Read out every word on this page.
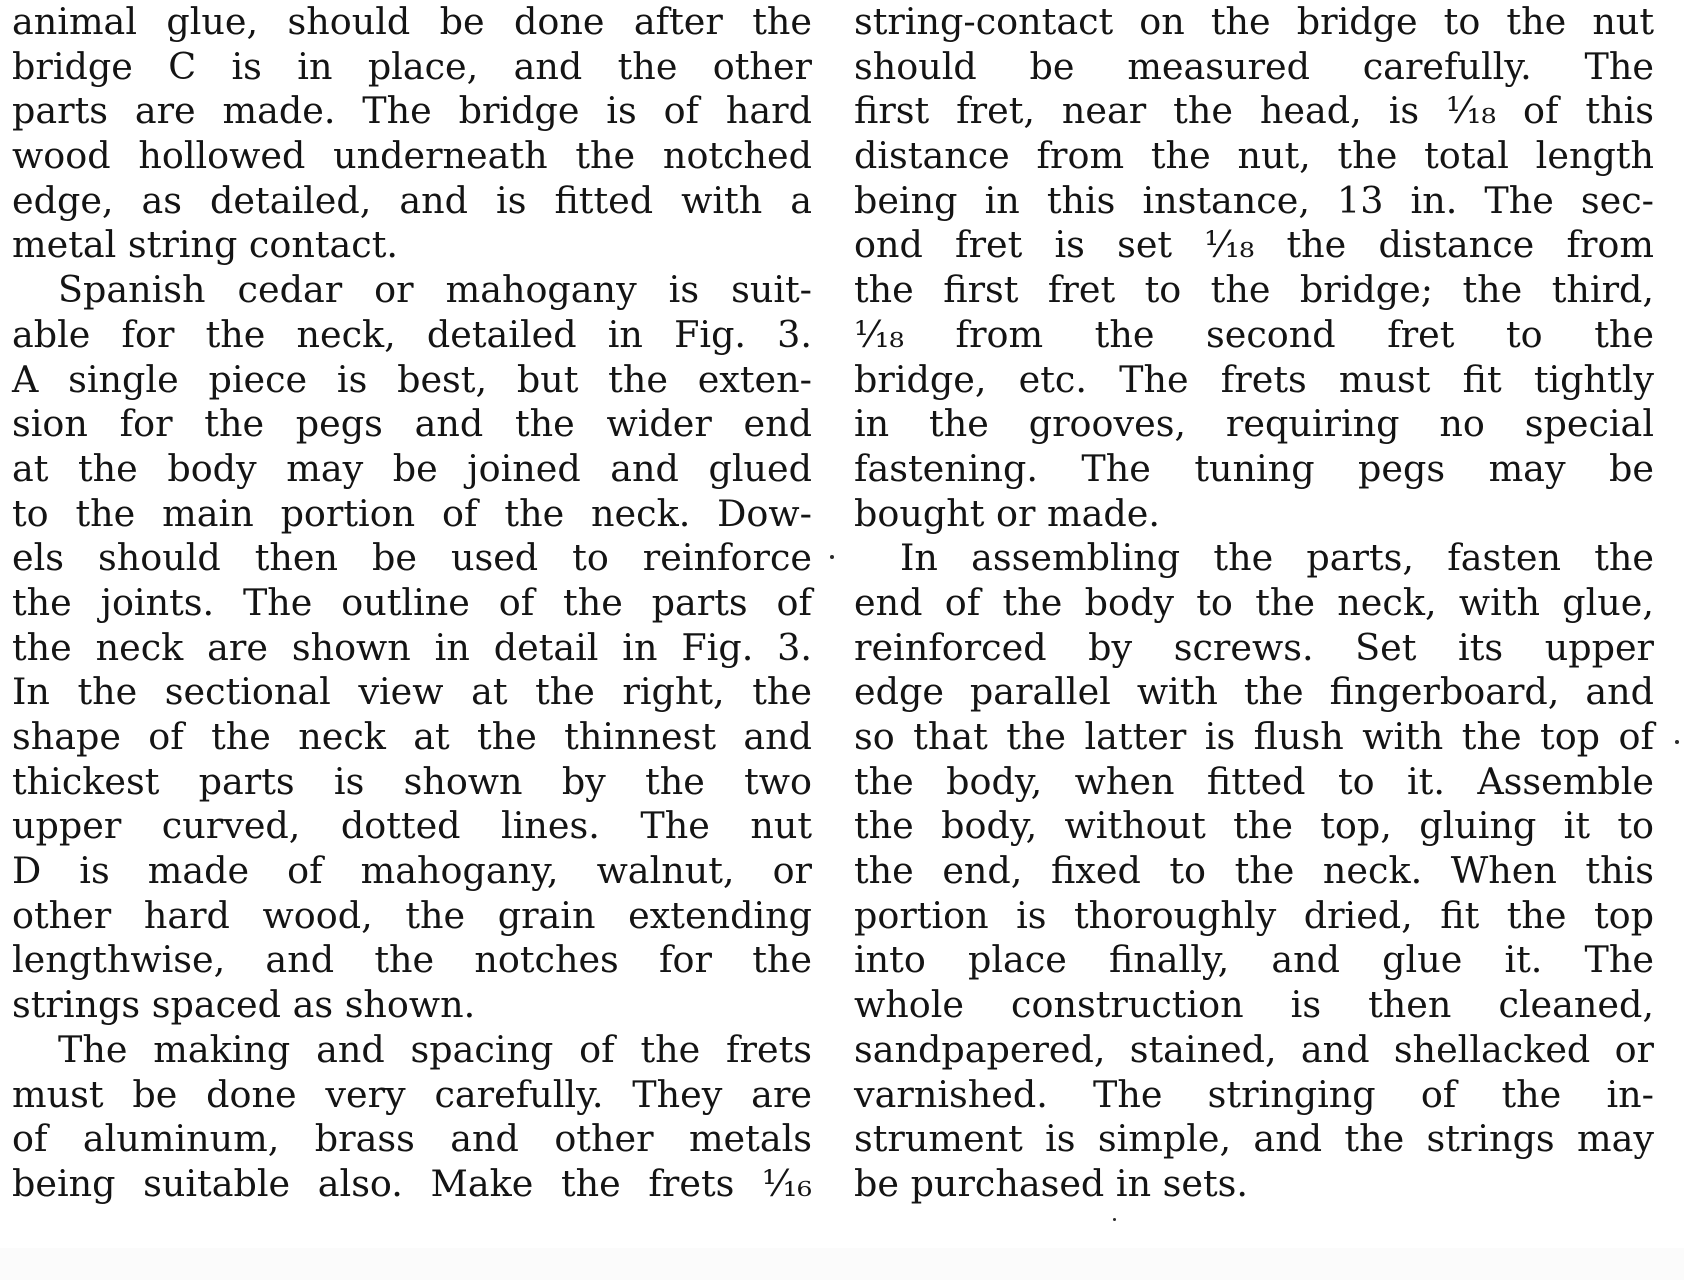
animal glue, should be done after the
bridge C is in place, and the other
parts are made. The bridge is of hard
wood hollowed underneath the notched
edge, as detailed, and is fitted with a
metal string contact.
Spanish cedar or mahogany is suit-
able for the neck, detailed in Fig. 3.
A single piece is best, but the exten-
sion for the pegs and the wider end
at the body may be joined and glued
to the main portion of the neck. Dow-
els should then be used to reinforce
the joints. The outline of the parts of
the neck are shown in detail in Fig. 3.
In the sectional view at the right, the
shape of the neck at the thinnest and
thickest parts is shown by the two
upper curved, dotted lines. The nut
D is made of mahogany, walnut, or
other hard wood, the grain extending
lengthwise, and the notches for the
strings spaced as shown.
The making and spacing of the frets
must be done very carefully. They are
of aluminum, brass and other metals
being suitable also. Make the frets ¹⁄₁₆
string-contact on the bridge to the nut
should be measured carefully. The
first fret, near the head, is ¹⁄₁₈ of this
distance from the nut, the total length
being in this instance, 13 in. The sec-
ond fret is set ¹⁄₁₈ the distance from
the first fret to the bridge; the third,
¹⁄₁₈ from the second fret to the
bridge, etc. The frets must fit tightly
in the grooves, requiring no special
fastening. The tuning pegs may be
bought or made.
In assembling the parts, fasten the
end of the body to the neck, with glue,
reinforced by screws. Set its upper
edge parallel with the fingerboard, and
so that the latter is flush with the top of
the body, when fitted to it. Assemble
the body, without the top, gluing it to
the end, fixed to the neck. When this
portion is thoroughly dried, fit the top
into place finally, and glue it. The
whole construction is then cleaned,
sandpapered, stained, and shellacked or
varnished. The stringing of the in-
strument is simple, and the strings may
be purchased in sets.
